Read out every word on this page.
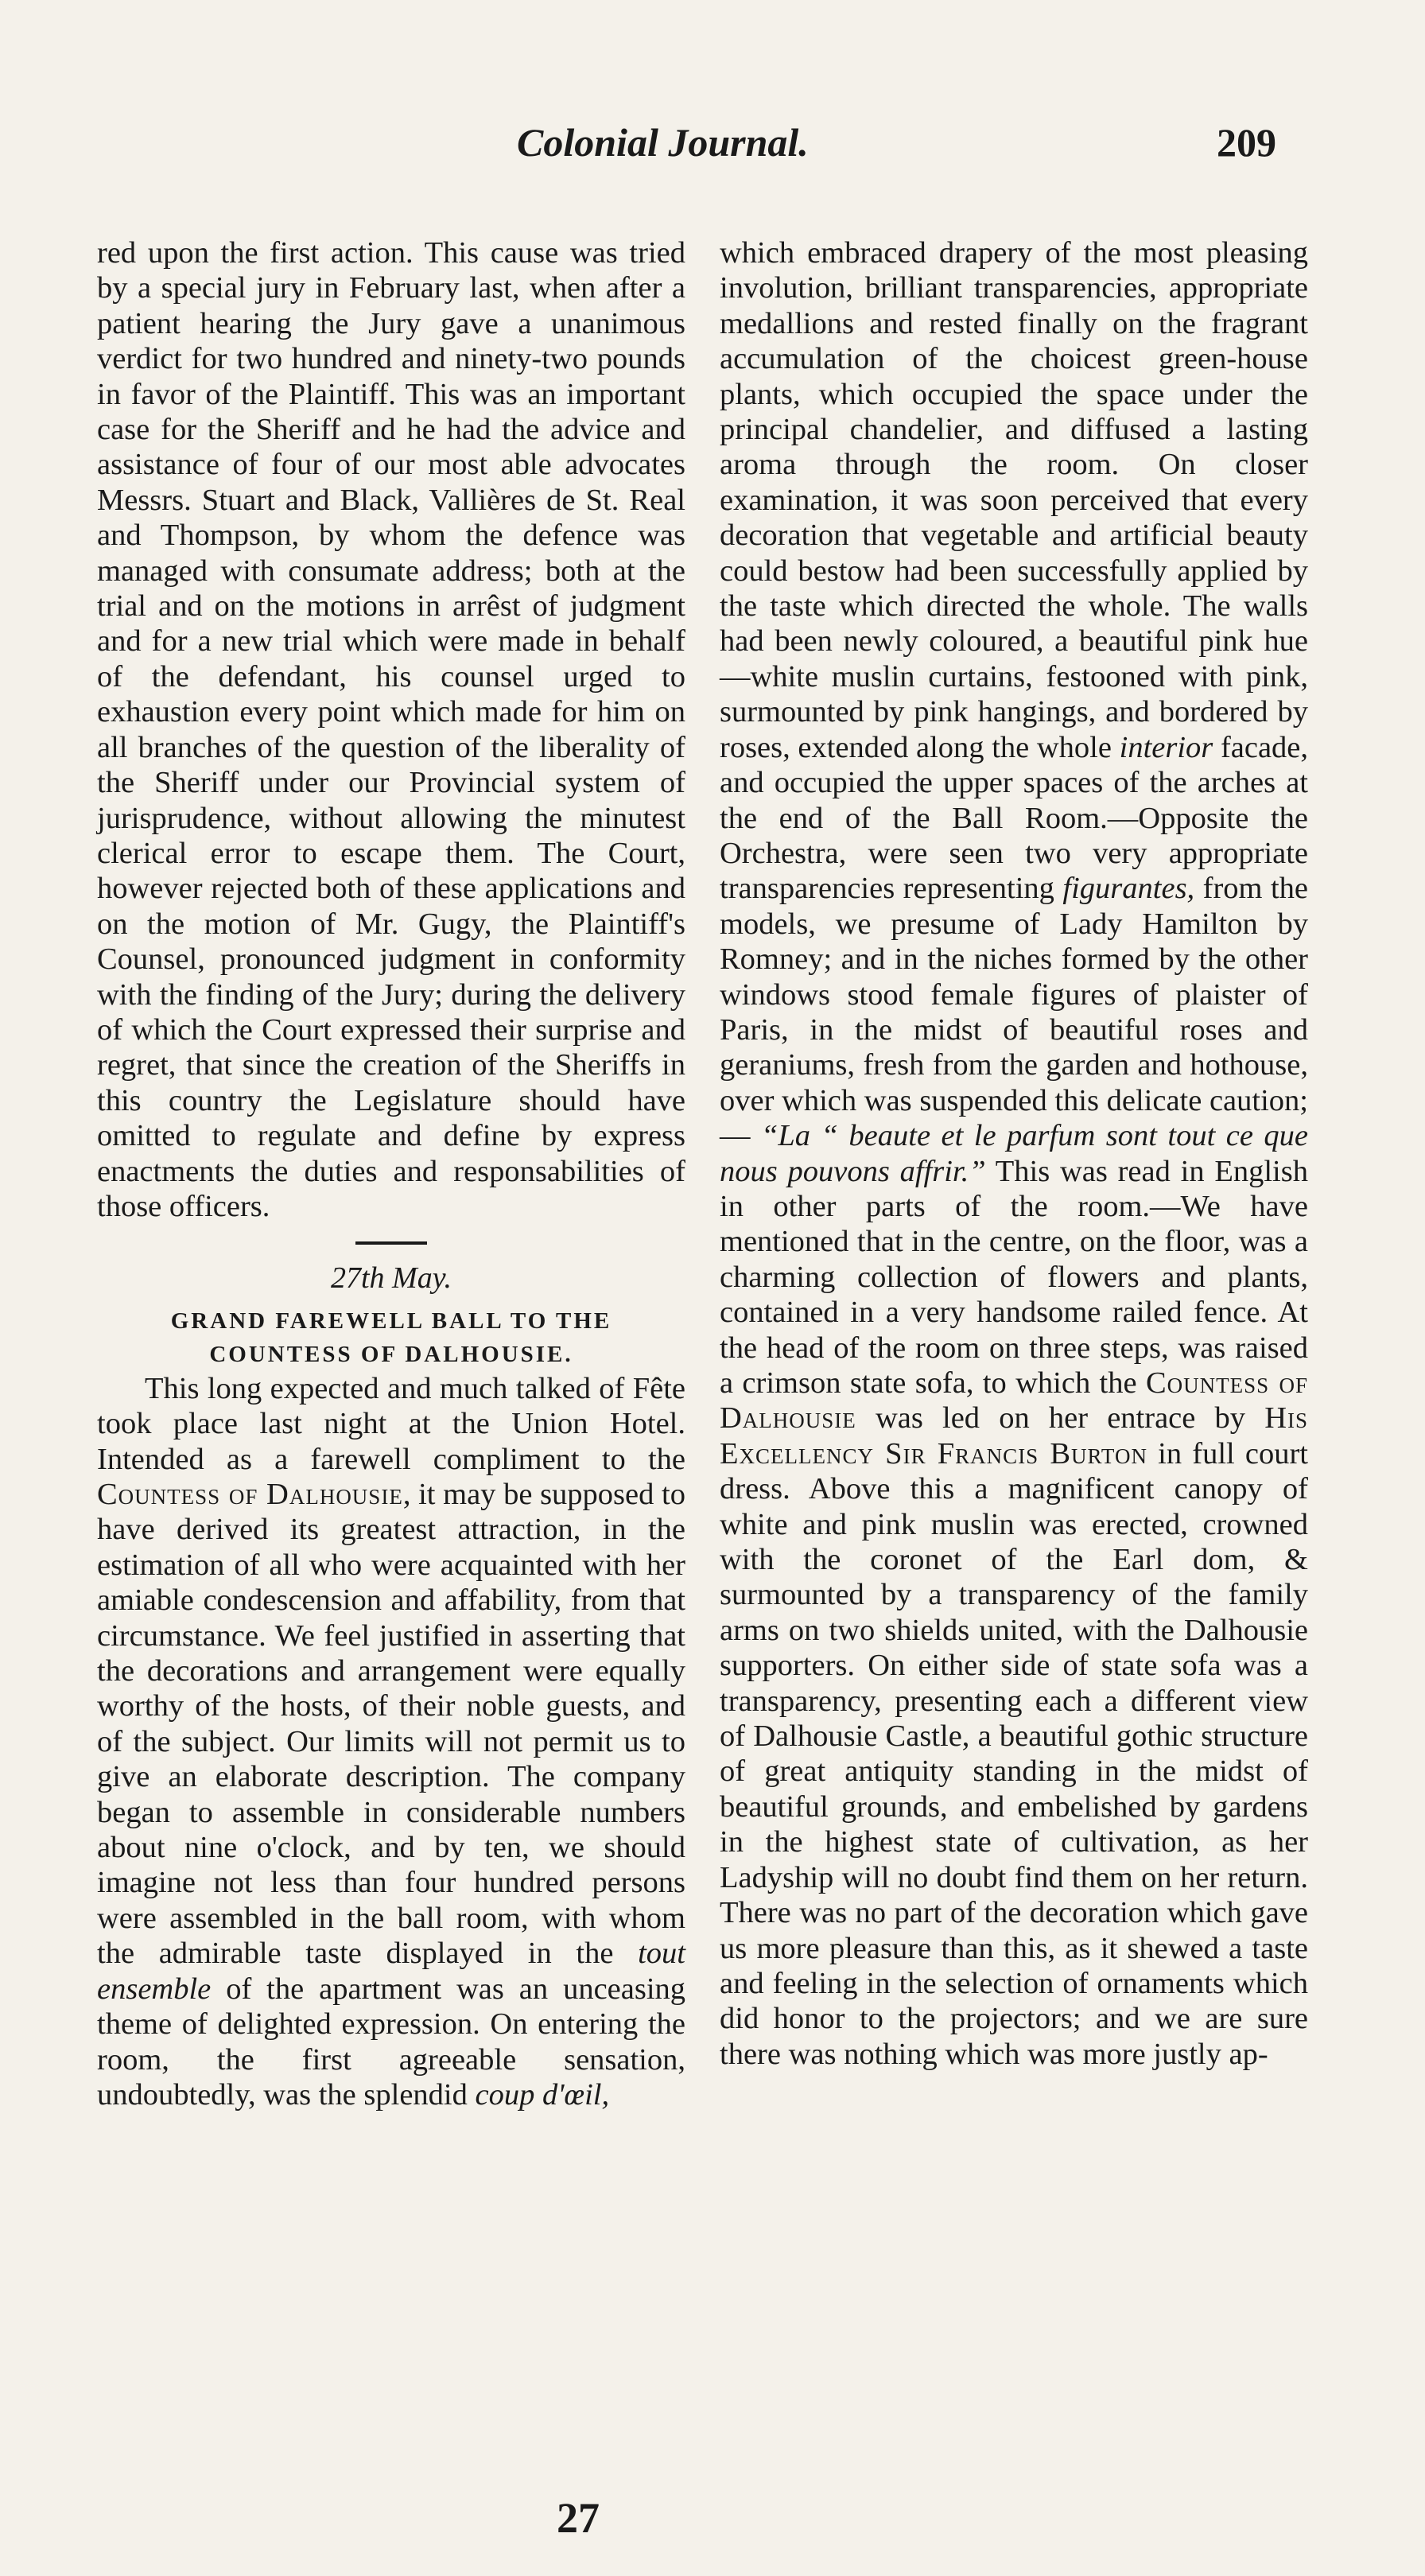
Colonial Journal.	209

red upon the first action. This cause was tried by a special jury in February last, when after a patient hearing the Jury gave a unanimous verdict for two hundred and ninety-two pounds in favor of the Plaintiff. This was an important case for the Sheriff and he had the advice and assistance of four of our most able advocates Messrs. Stuart and Black, Vallières de St. Real and Thompson, by whom the defence was managed with consumate address; both at the trial and on the motions in arrêst of judgment and for a new trial which were made in behalf of the defendant, his counsel urged to exhaustion every point which made for him on all branches of the question of the liberality of the Sheriff under our Provincial system of jurisprudence, without allowing the minutest clerical error to escape them. The Court, however rejected both of these applications and on the motion of Mr. Gugy, the Plaintiff's Counsel, pronounced judgment in conformity with the finding of the Jury; during the delivery of which the Court expressed their surprise and regret, that since the creation of the Sheriffs in this country the Legislature should have omitted to regulate and define by express enactments the duties and responsabilities of those officers.

27th May.
GRAND FAREWELL BALL TO THE
COUNTESS OF DALHOUSIE.

This long expected and much talked of Fête took place last night at the Union Hotel. Intended as a farewell compliment to the Countess of Dalhousie, it may be supposed to have derived its greatest attraction, in the estimation of all who were acquainted with her amiable condescension and affability, from that circumstance. We feel justified in asserting that the decorations and arrangement were equally worthy of the hosts, of their noble guests, and of the subject. Our limits will not permit us to give an elaborate description. The company began to assemble in considerable numbers about nine o'clock, and by ten, we should imagine not less than four hundred persons were assembled in the ball room, with whom the admirable taste displayed in the tout ensemble of the apartment was an unceasing theme of delighted expression. On entering the room, the first agreeable sensation, undoubtedly, was the splendid coup d'œil,

which embraced drapery of the most pleasing involution, brilliant transparencies, appropriate medallions and rested finally on the fragrant accumulation of the choicest green-house plants, which occupied the space under the principal chandelier, and diffused a lasting aroma through the room. On closer examination, it was soon perceived that every decoration that vegetable and artificial beauty could bestow had been successfully applied by the taste which directed the whole. The walls had been newly coloured, a beautiful pink hue—white muslin curtains, festooned with pink, surmounted by pink hangings, and bordered by roses, extended along the whole interior facade, and occupied the upper spaces of the arches at the end of the Ball Room.—Opposite the Orchestra, were seen two very appropriate transparencies representing figurantes, from the models, we presume of Lady Hamilton by Romney; and in the niches formed by the other windows stood female figures of plaister of Paris, in the midst of beautiful roses and geraniums, fresh from the garden and hothouse, over which was suspended this delicate caution;— “La “ beaute et le parfum sont tout ce que nous pouvons affrir.” This was read in English in other parts of the room.—We have mentioned that in the centre, on the floor, was a charming collection of flowers and plants, contained in a very handsome railed fence. At the head of the room on three steps, was raised a crimson state sofa, to which the Countess of Dalhousie was led on her entrace by His Excellency Sir Francis Burton in full court dress. Above this a magnificent canopy of white and pink muslin was erected, crowned with the coronet of the Earl dom, & surmounted by a transparency of the family arms on two shields united, with the Dalhousie supporters. On either side of state sofa was a transparency, presenting each a different view of Dalhousie Castle, a beautiful gothic structure of great antiquity standing in the midst of beautiful grounds, and embelished by gardens in the highest state of cultivation, as her Ladyship will no doubt find them on her return. There was no part of the decoration which gave us more pleasure than this, as it shewed a taste and feeling in the selection of ornaments which did honor to the projectors; and we are sure there was nothing which was more justly ap-

27
